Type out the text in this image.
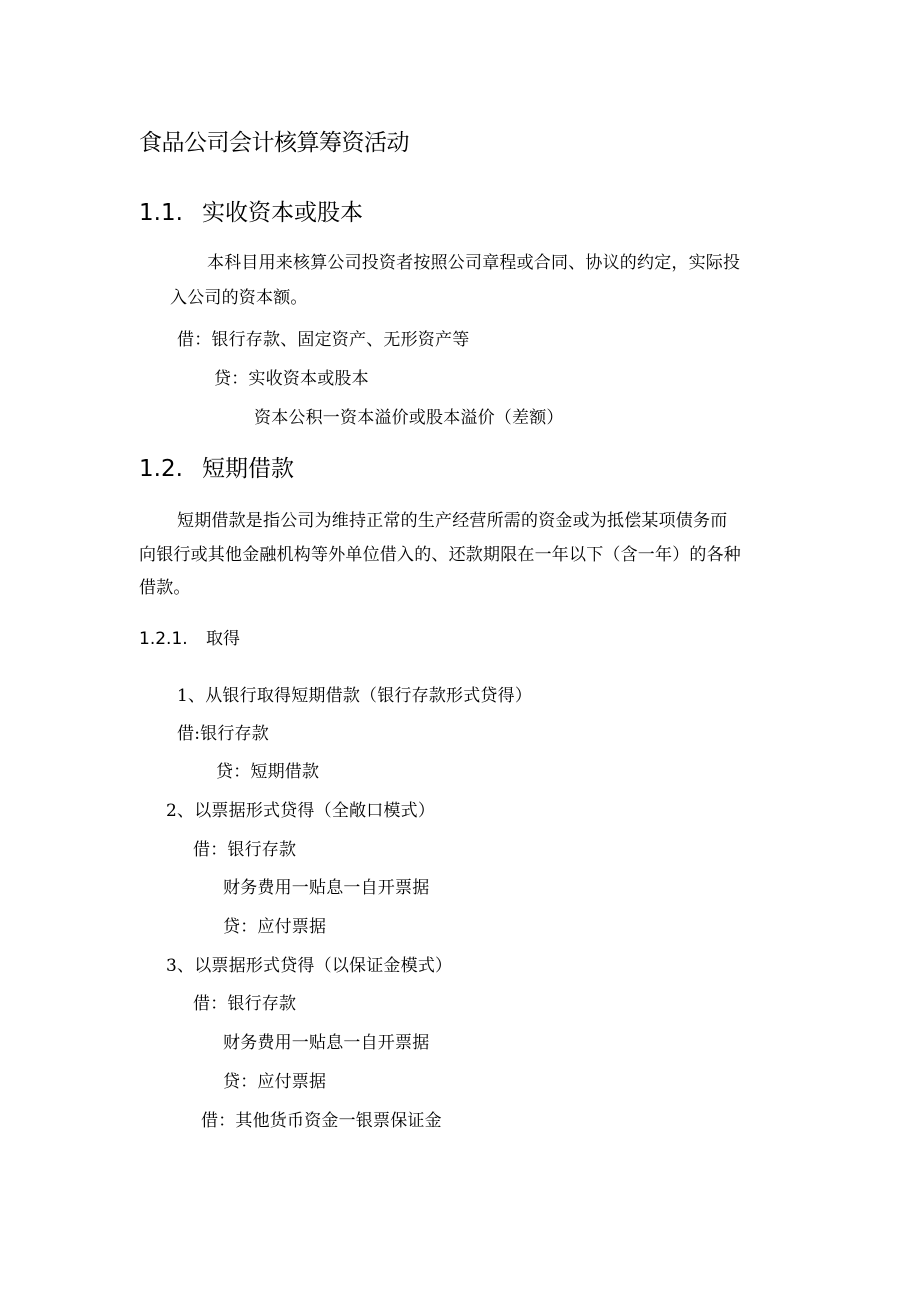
食品公司会计核算筹资活动
1.1. 实收资本或股本

本科目用来核算公司投资者按照公司章程或合同、协议的约定，实际投

入公司的资本额。

借：银行存款、固定资产、无形资产等

贷：实收资本或股本

资本公积一资本溢价或股本溢价（差额）

1.2. 短期借款

短期借款是指公司为维持正常的生产经营所需的资金或为抵偿某项债务而

向银行或其他金融机构等外单位借入的、还款期限在一年以下（含一年）的各种

借款。

1.2.1. 取得

1、从银行取得短期借款（银行存款形式贷得）

借:银行存款

贷：短期借款

2、以票据形式贷得（全敞口模式）

借：银行存款

财务费用一贴息一自开票据

贷：应付票据

3、以票据形式贷得（以保证金模式）

借：银行存款

财务费用一贴息一自开票据

贷：应付票据

借：其他货币资金一银票保证金
